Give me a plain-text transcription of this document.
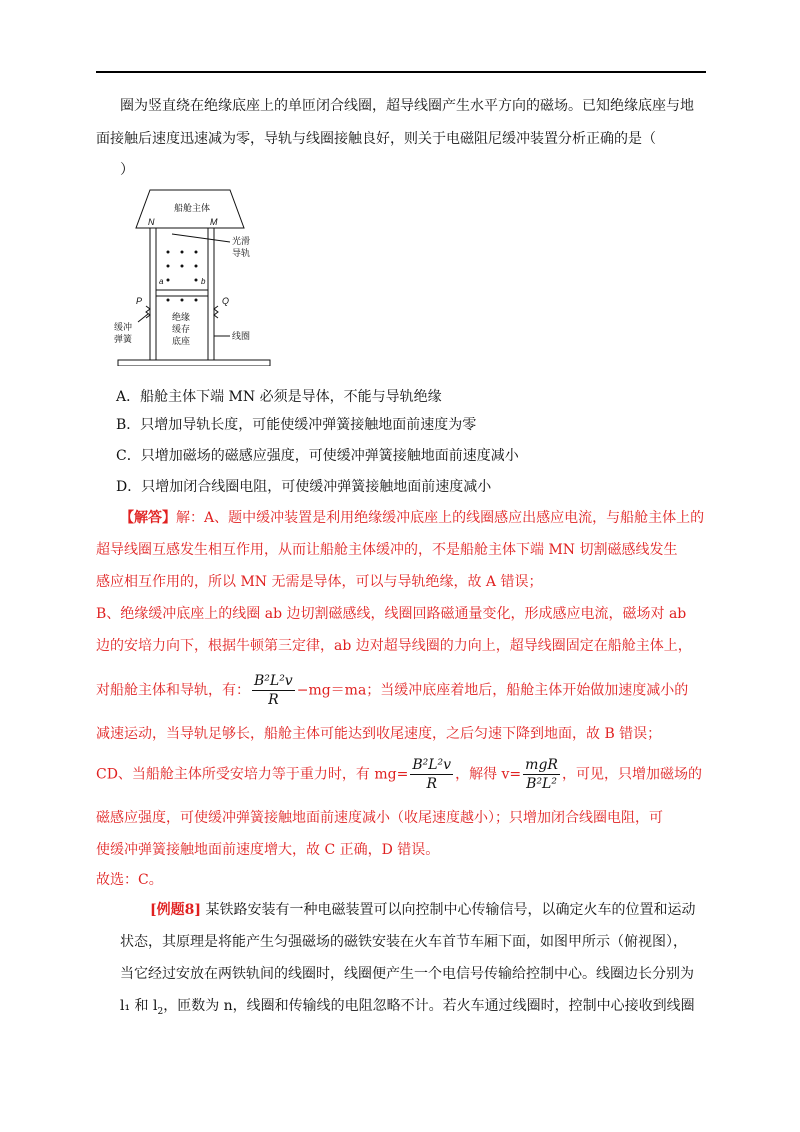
圈为竖直绕在绝缘底座上的单匝闭合线圈，超导线圈产生水平方向的磁场。已知绝缘底座与地
面接触后速度迅速减为零，导轨与线圈接触良好，则关于电磁阻尼缓冲装置分析正确的是（
）
船舱主体
N	M
光滑
导轨
a	b
P	Q
缓冲
弹簧
绝缘
缓存
底座	线圈
A．船舱主体下端 MN 必须是导体，不能与导轨绝缘
B．只增加导轨长度，可能使缓冲弹簧接触地面前速度为零
C．只增加磁场的磁感应强度，可使缓冲弹簧接触地面前速度减小
D．只增加闭合线圈电阻，可使缓冲弹簧接触地面前速度减小
【解答】解：A、题中缓冲装置是利用绝缘缓冲底座上的线圈感应出感应电流，与船舱主体上的
超导线圈互感发生相互作用，从而让船舱主体缓冲的，不是船舱主体下端 MN 切割磁感线发生
感应相互作用的，所以 MN 无需是导体，可以与导轨绝缘，故 A 错误；
B、绝缘缓冲底座上的线圈 ab 边切割磁感线，线圈回路磁通量变化，形成感应电流，磁场对 ab
边的安培力向下，根据牛顿第三定律，ab 边对超导线圈的力向上，超导线圈固定在船舱主体上，
对船舱主体和导轨，有： $\frac{\text{B²L²v}}{R} -mg=ma$；当缓冲底座着地后，船舱主体开始做加速度减小的
减速运动，当导轨足够长，船舱主体可能达到收尾速度，之后匀速下降到地面，故 B 错误；
CD、当船舱主体所受安培力等于重力时，有 $mg= \frac{\text{B²L²v}}{R}$ ，解得 $v= \frac{\text{mgR}}{\text{B²L²}}$ ，可见，只增加磁场的
磁感应强度，可使缓冲弹簧接触地面前速度减小（收尾速度越小）；只增加闭合线圈电阻，可
使缓冲弹簧接触地面前速度增大，故 C 正确，D 错误。
故选：C。
[例题8] 某铁路安装有一种电磁装置可以向控制中心传输信号，以确定火车的位置和运动
状态，其原理是将能产生匀强磁场的磁铁安装在火车首节车厢下面，如图甲所示（俯视图），
当它经过安放在两铁轨间的线圈时，线圈便产生一个电信号传输给控制中心。线圈边长分别为
l₁ 和 $l_2$，匝数为 n，线圈和传输线的电阻忽略不计。若火车通过线圈时，控制中心接收到线圈
